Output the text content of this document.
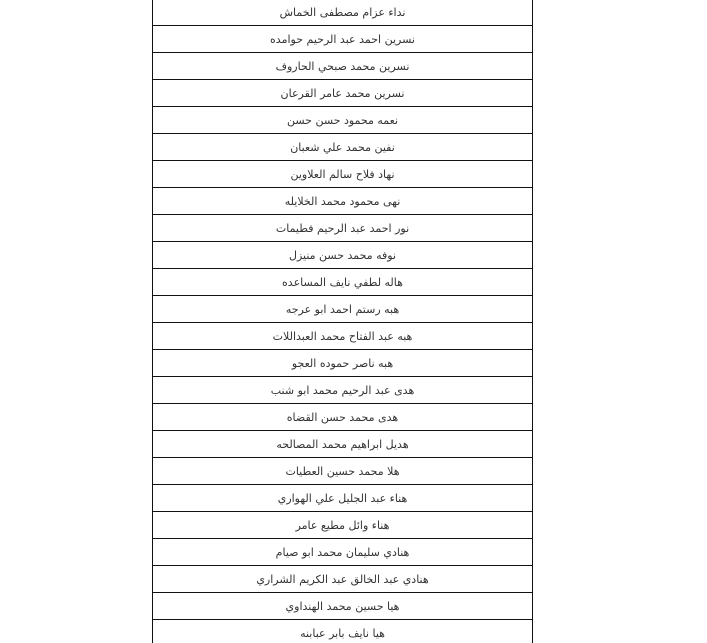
نداء عزام مصطفى الخماش
نسرين احمد عبد الرحيم حوامده
نسرين محمد صبحي الحاروف
نسرين محمد عامر القرعان
نعمه محمود حسن حسن
نفين محمد علي شعبان
نهاد فلاح سالم العلاوين
نهى محمود محمد الخلايله
نور احمد عبد الرحيم فطيمات
نوفه محمد حسن منيزل
هاله لطفي نايف المساعده
هبه رستم احمد ابو عرجه
هبه عبد الفتاح محمد العبداللات
هبه ناصر حموده العجو
هدى عبد الرحيم محمد ابو شنب
هدى محمد حسن القضاه
هديل ابراهيم محمد المصالحه
هلا محمد حسين العطيات
هناء عبد الجليل علي الهواري
هناء وائل مطيع عامر
هنادي سليمان محمد ابو صيام
هنادي عبد الخالق عبد الكريم الشراري
هيا حسين محمد الهنداوي
هيا نايف بابر عبابنه
